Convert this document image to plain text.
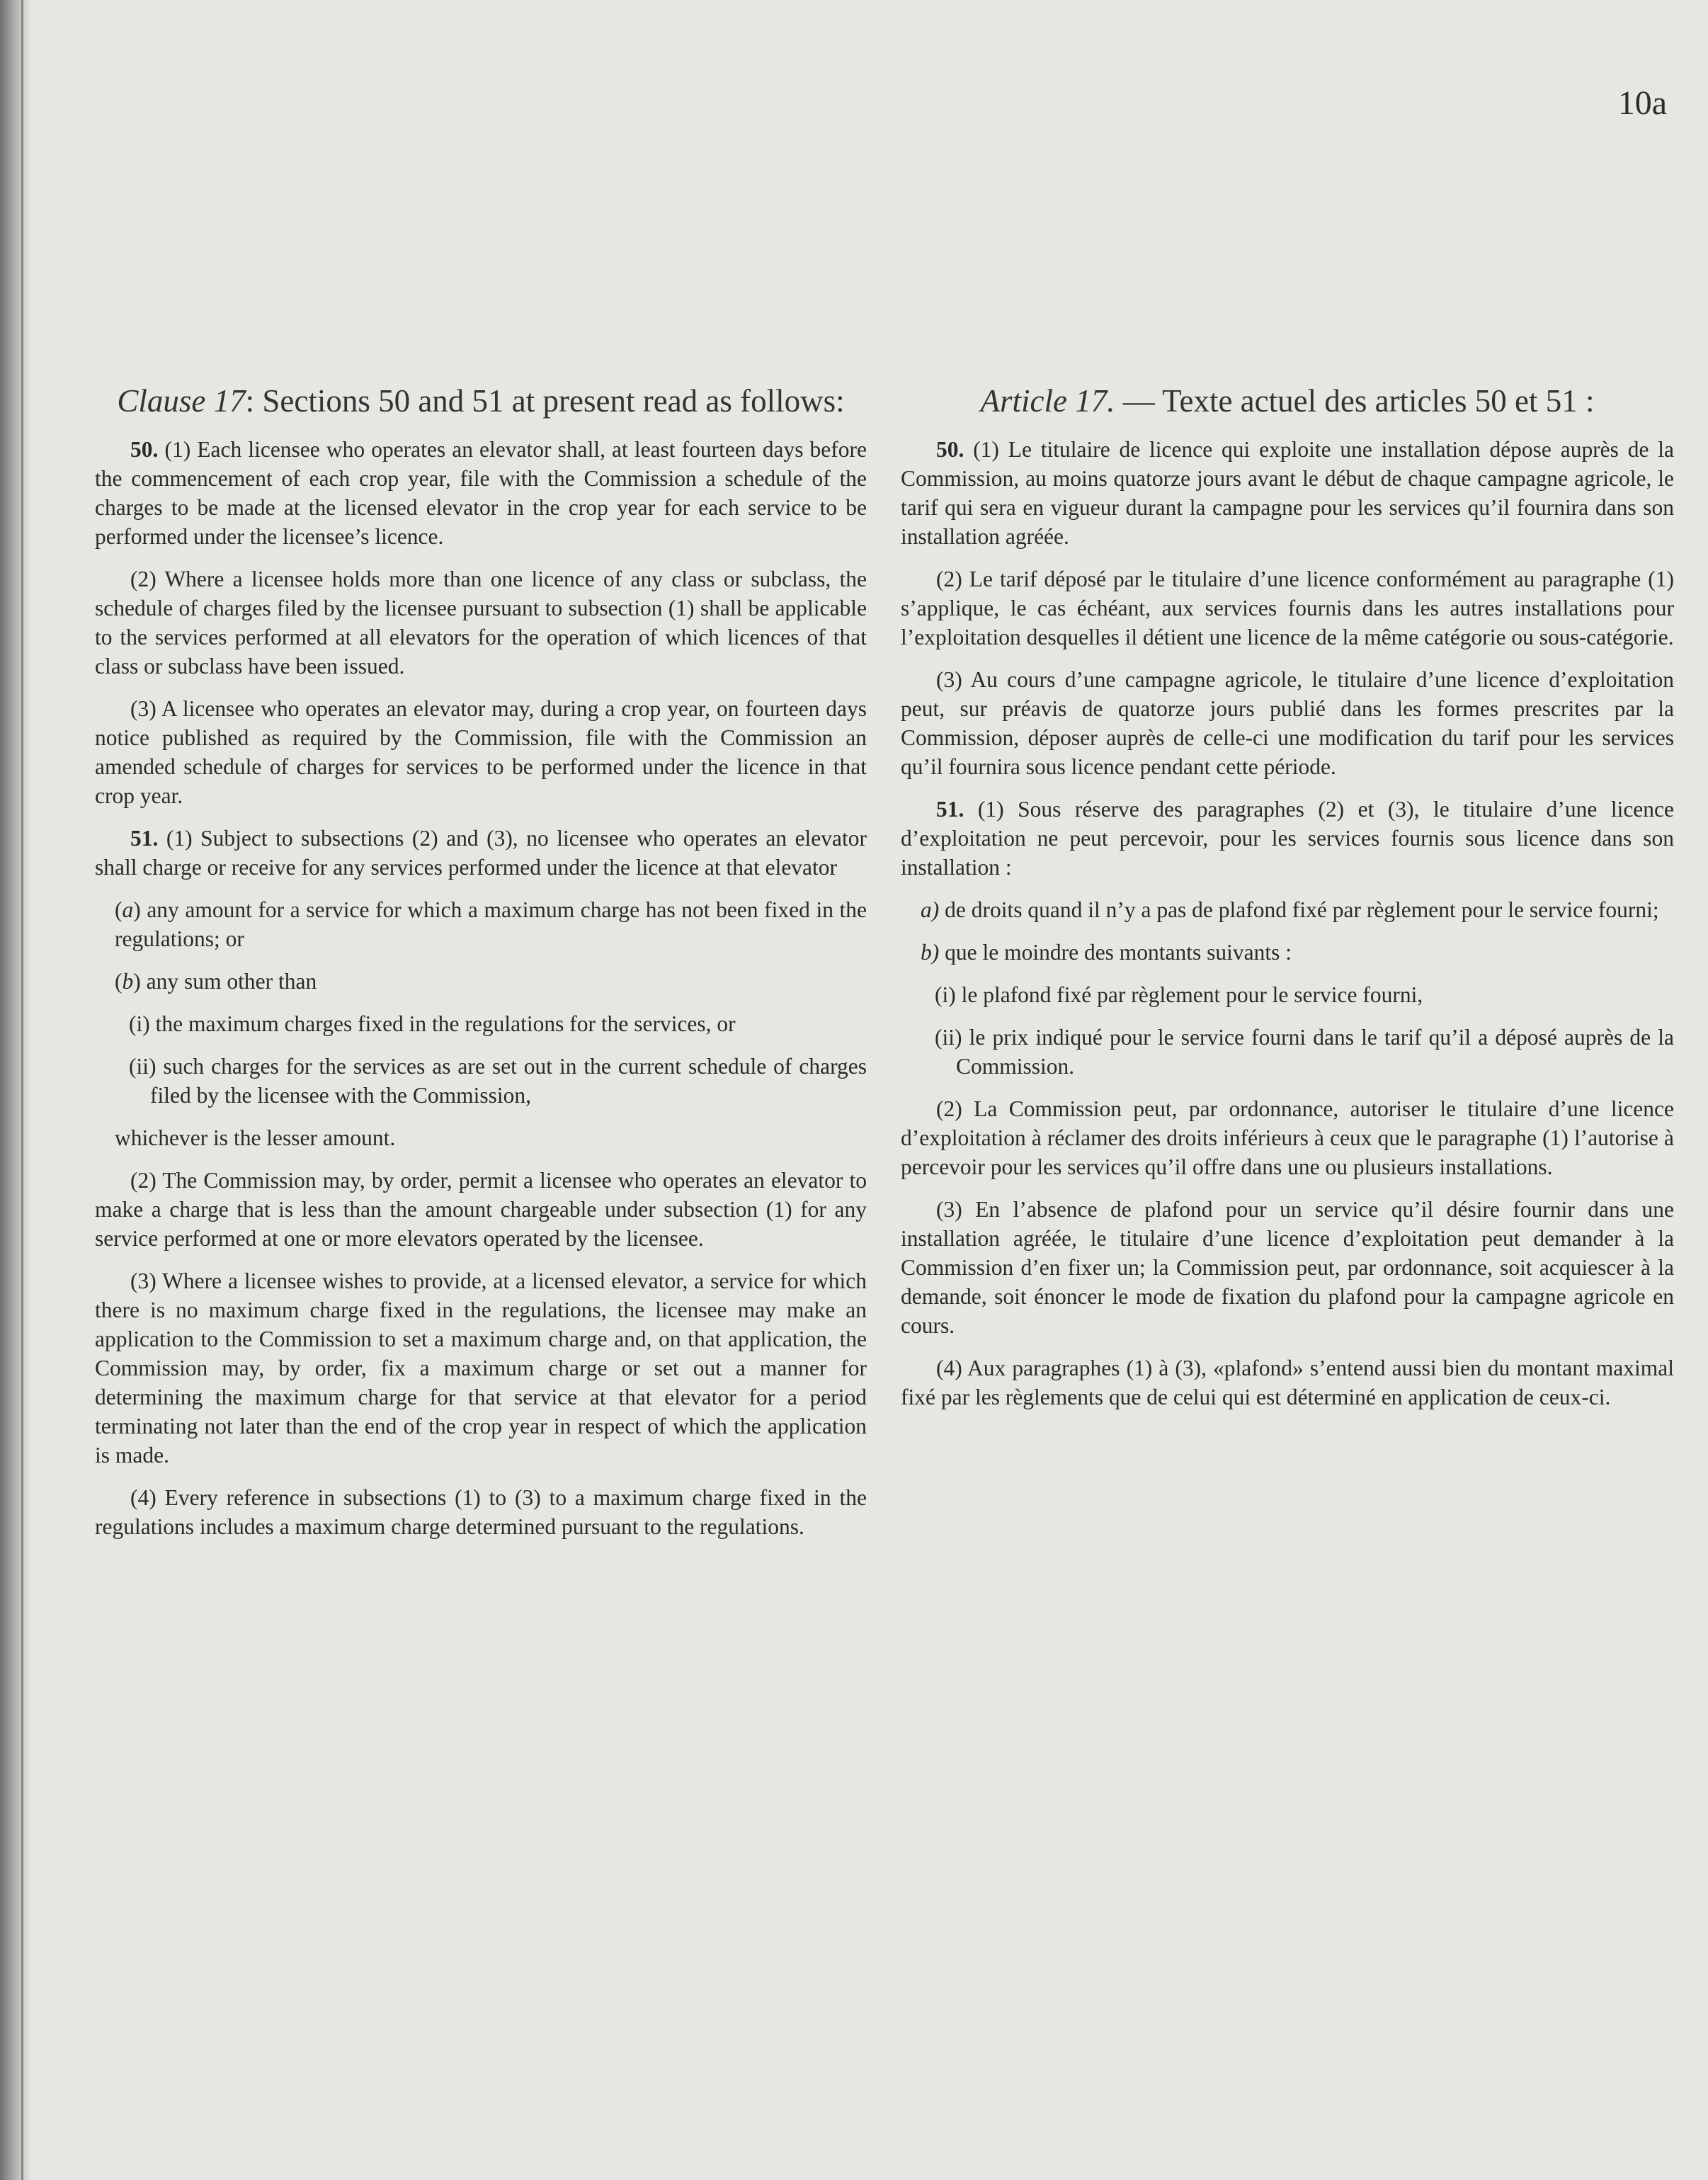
10a
Clause 17: Sections 50 and 51 at present read as follows:

50. (1) Each licensee who operates an elevator shall, at least fourteen days before the commencement of each crop year, file with the Commission a schedule of the charges to be made at the licensed elevator in the crop year for each service to be performed under the licensee’s licence.

(2) Where a licensee holds more than one licence of any class or subclass, the schedule of charges filed by the licensee pursuant to subsection (1) shall be applicable to the services performed at all elevators for the operation of which licences of that class or subclass have been issued.

(3) A licensee who operates an elevator may, during a crop year, on fourteen days notice published as required by the Commission, file with the Commission an amended schedule of charges for services to be performed under the licence in that crop year.

51. (1) Subject to subsections (2) and (3), no licensee who operates an elevator shall charge or receive for any services performed under the licence at that elevator

(a) any amount for a service for which a maximum charge has not been fixed in the regulations; or

(b) any sum other than

(i) the maximum charges fixed in the regulations for the services, or

(ii) such charges for the services as are set out in the current schedule of charges filed by the licensee with the Commission,

whichever is the lesser amount.

(2) The Commission may, by order, permit a licensee who operates an elevator to make a charge that is less than the amount chargeable under subsection (1) for any service performed at one or more elevators operated by the licensee.

(3) Where a licensee wishes to provide, at a licensed elevator, a service for which there is no maximum charge fixed in the regulations, the licensee may make an application to the Commission to set a maximum charge and, on that application, the Commission may, by order, fix a maximum charge or set out a manner for determining the maximum charge for that service at that elevator for a period terminating not later than the end of the crop year in respect of which the application is made.

(4) Every reference in subsections (1) to (3) to a maximum charge fixed in the regulations includes a maximum charge determined pursuant to the regulations.

Article 17. — Texte actuel des articles 50 et 51 :

50. (1) Le titulaire de licence qui exploite une installation dépose auprès de la Commission, au moins quatorze jours avant le début de chaque campagne agricole, le tarif qui sera en vigueur durant la campagne pour les services qu’il fournira dans son installation agréée.

(2) Le tarif déposé par le titulaire d’une licence conformément au paragraphe (1) s’applique, le cas échéant, aux services fournis dans les autres installations pour l’exploitation desquelles il détient une licence de la même catégorie ou sous-catégorie.

(3) Au cours d’une campagne agricole, le titulaire d’une licence d’exploitation peut, sur préavis de quatorze jours publié dans les formes prescrites par la Commission, déposer auprès de celle-ci une modification du tarif pour les services qu’il fournira sous licence pendant cette période.

51. (1) Sous réserve des paragraphes (2) et (3), le titulaire d’une licence d’exploitation ne peut percevoir, pour les services fournis sous licence dans son installation :

a) de droits quand il n’y a pas de plafond fixé par règlement pour le service fourni;

b) que le moindre des montants suivants :

(i) le plafond fixé par règlement pour le service fourni,

(ii) le prix indiqué pour le service fourni dans le tarif qu’il a déposé auprès de la Commission.

(2) La Commission peut, par ordonnance, autoriser le titulaire d’une licence d’exploitation à réclamer des droits inférieurs à ceux que le paragraphe (1) l’autorise à percevoir pour les services qu’il offre dans une ou plusieurs installations.

(3) En l’absence de plafond pour un service qu’il désire fournir dans une installation agréée, le titulaire d’une licence d’exploitation peut demander à la Commission d’en fixer un; la Commission peut, par ordonnance, soit acquiescer à la demande, soit énoncer le mode de fixation du plafond pour la campagne agricole en cours.

(4) Aux paragraphes (1) à (3), «plafond» s’entend aussi bien du montant maximal fixé par les règlements que de celui qui est déterminé en application de ceux-ci.
